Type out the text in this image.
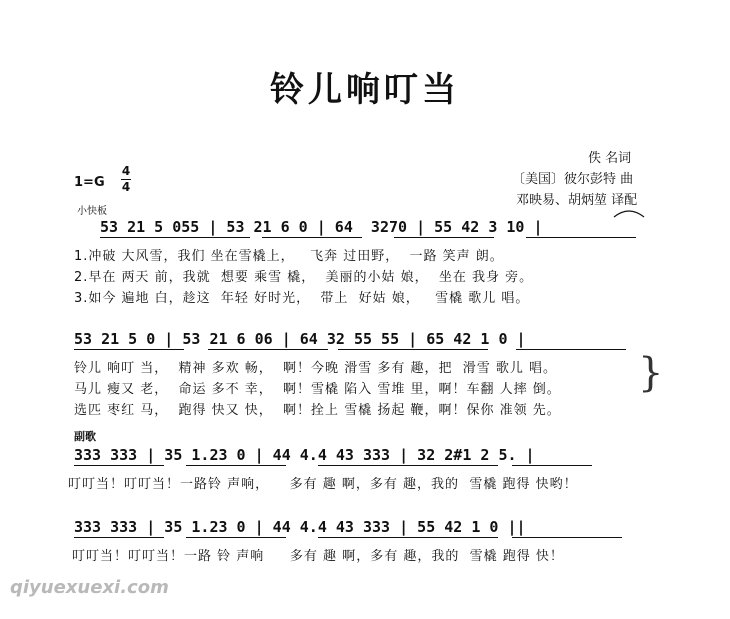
铃儿响叮当
佚 名词
〔美国〕彼尔彭特 曲
邓映易、胡炳堃 译配
1=G
4
4
小快板
53 21 5 055 | 53 21 6 0 | 64  3270 | 55 42 3 10 |
1.冲破 大风雪，我们 坐在雪橇上，   飞奔 过田野，  一路 笑声 朗。
2.早在 两天 前，我就  想要 乘雪 橇，  美丽的小姑 娘，  坐在 我身 旁。
3.如今 遍地 白，趁这  年轻 好时光，  带上  好姑 娘，   雪橇 歌儿 唱。
53 21 5 0 | 53 21 6 06 | 64 32 55 55 | 65 42 1 0 |
铃儿 响叮 当，  精神 多欢 畅，  啊！今晚 滑雪 多有 趣，把  滑雪 歌儿 唱。
马儿 瘦又 老，  命运 多不 幸，  啊！雪橇 陷入 雪堆 里，啊！车翻 人摔 倒。
选匹 枣红 马，  跑得 快又 快，  啊！拴上 雪橇 扬起 鞭，啊！保你 准领 先。
}
副歌
333 333 | 35 1.23 0 | 44 4.4 43 333 | 32 2#1 2 5. |
叮叮当！叮叮当！一路铃 声响，    多有 趣 啊，多有 趣，我的  雪橇 跑得 快哟！
333 333 | 35 1.23 0 | 44 4.4 43 333 | 55 42 1 0 ||
叮叮当！叮叮当！一路 铃 声响     多有 趣 啊，多有 趣，我的  雪橇 跑得 快！
qiyuexuexi.com
